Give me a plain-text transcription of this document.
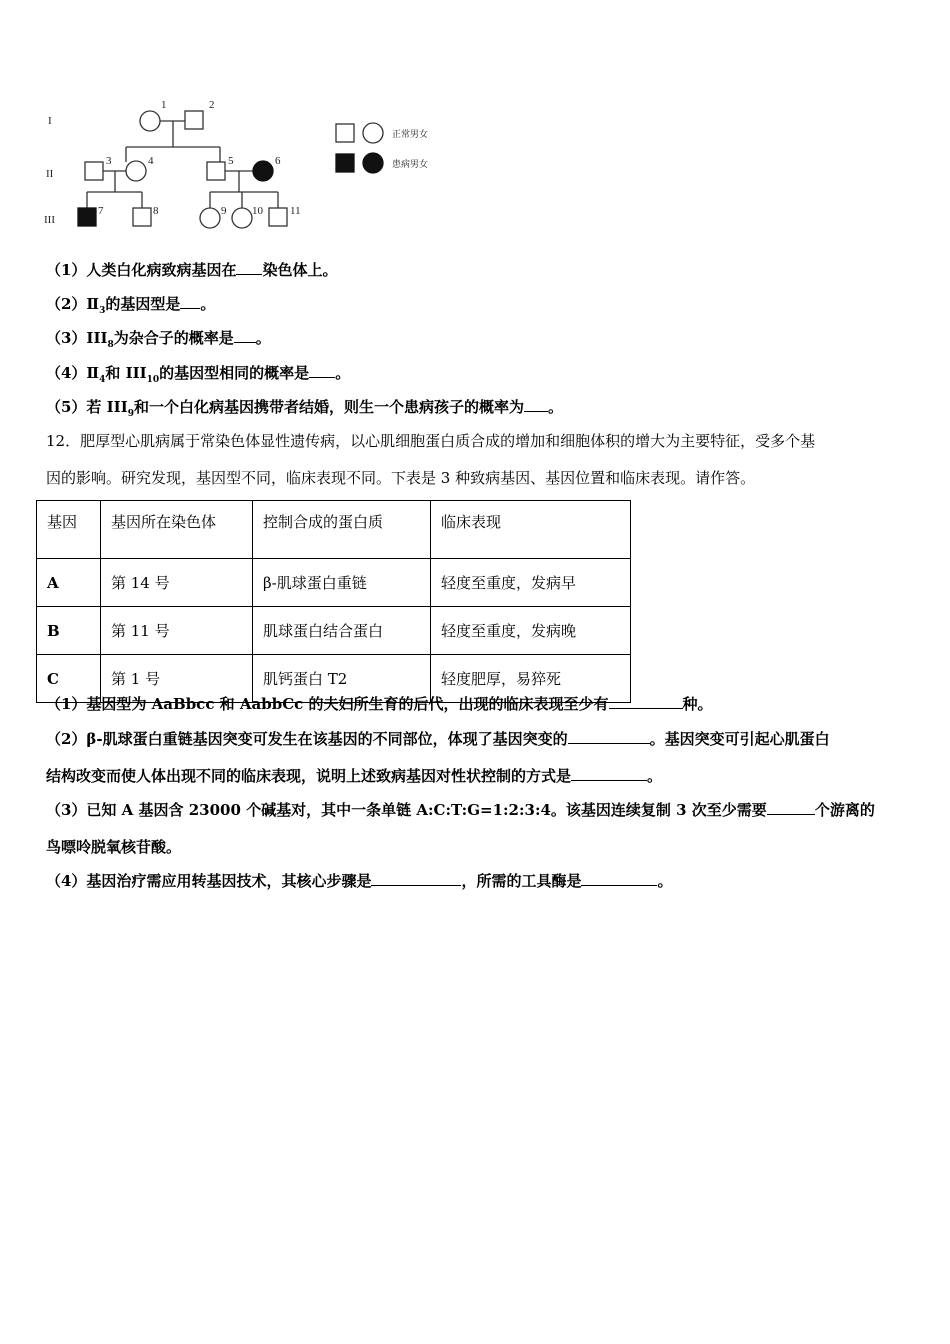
I
II
III
1	2
3	4	5	6
7	8	9 10 11
正常男女
患病男女
（1）人类白化病致病基因在 染色体上。
$(2)Ⅱ_3$的基因型是 。
$(3)III_8$为杂合子的概率是 。
$(4)Ⅱ_4$和 $III_{10}$的基因型相同的概率是 。
（5）若 $III_9$和一个白化病基因携带者结婚，则生一个患病孩子的概率为 。
12．肥厚型心肌病属于常染色体显性遗传病，以心肌细胞蛋白质合成的增加和细胞体积的增大为主要特征，受多个基
因的影响。研究发现，基因型不同，临床表现不同。下表是 3 种致病基因、基因位置和临床表现。请作答。
基因	基因所在染色体	控制合成的蛋白质	临床表现
A	第 14 号	β-肌球蛋白重链	轻度至重度，发病早
B	第 11 号	肌球蛋白结合蛋白	轻度至重度，发病晚
C	第 1 号	肌钙蛋白 T2	轻度肥厚，易猝死
（1）基因型为 AaBbcc 和 AabbCc 的夫妇所生育的后代，出现的临床表现至少有	种。
（2）β-肌球蛋白重链基因突变可发生在该基因的不同部位，体现了基因突变的	。基因突变可引起心肌蛋白
结构改变而使人体出现不同的临床表现，说明上述致病基因对性状控制的方式是	。
（3）已知 A 基因含 23000 个碱基对，其中一条单链 A:C:T:G=1:2:3:4。该基因连续复制 3 次至少需要	个游离的
鸟嘌呤脱氧核苷酸。
（4）基因治疗需应用转基因技术，其核心步骤是	，所需的工具酶是	。
